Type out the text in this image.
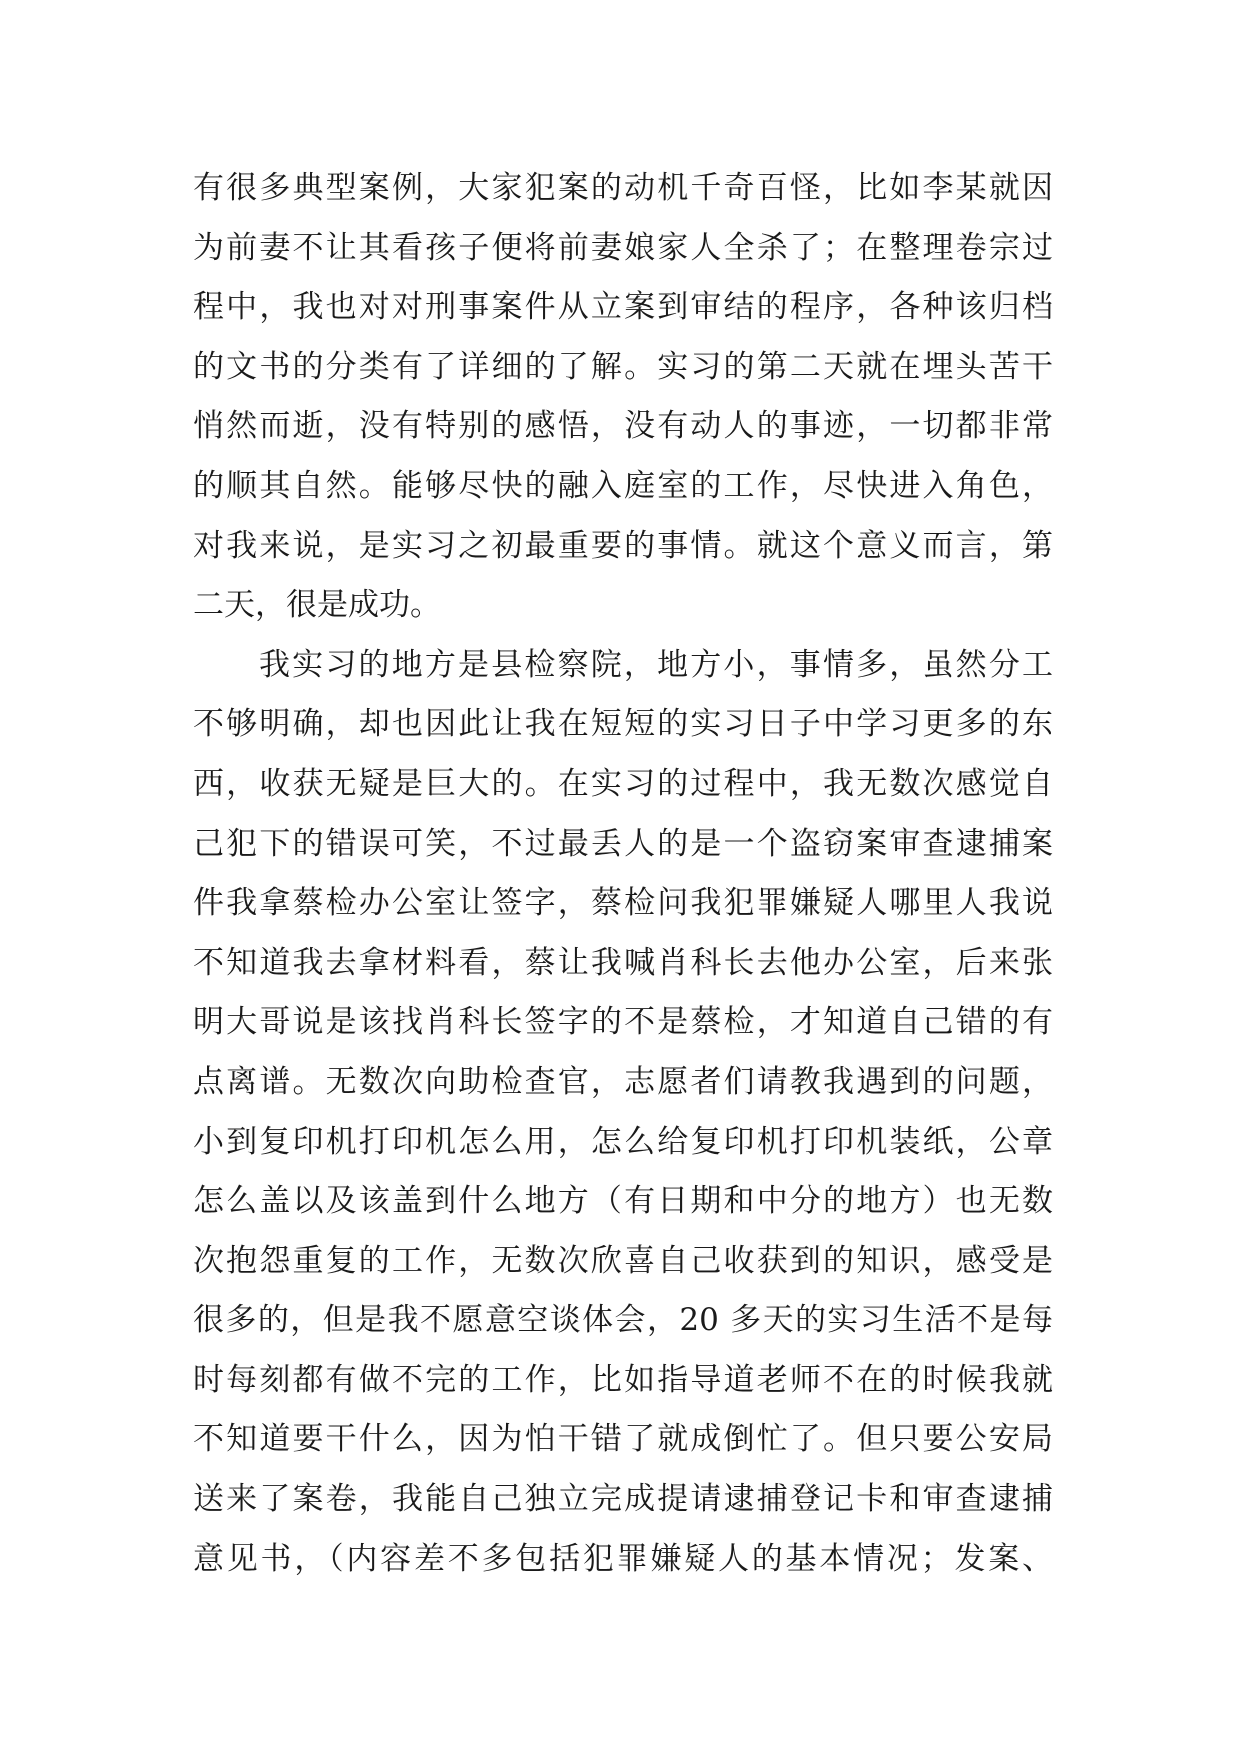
有很多典型案例，大家犯案的动机千奇百怪，比如李某就因
为前妻不让其看孩子便将前妻娘家人全杀了；在整理卷宗过
程中，我也对对刑事案件从立案到审结的程序，各种该归档
的文书的分类有了详细的了解。实习的第二天就在埋头苦干
悄然而逝，没有特别的感悟，没有动人的事迹，一切都非常
的顺其自然。能够尽快的融入庭室的工作，尽快进入角色，
对我来说，是实习之初最重要的事情。就这个意义而言，第
二天，很是成功。
我实习的地方是县检察院，地方小，事情多，虽然分工
不够明确，却也因此让我在短短的实习日子中学习更多的东
西，收获无疑是巨大的。在实习的过程中，我无数次感觉自
己犯下的错误可笑，不过最丢人的是一个盗窃案审查逮捕案
件我拿蔡检办公室让签字，蔡检问我犯罪嫌疑人哪里人我说
不知道我去拿材料看，蔡让我喊肖科长去他办公室，后来张
明大哥说是该找肖科长签字的不是蔡检，才知道自己错的有
点离谱。无数次向助检查官，志愿者们请教我遇到的问题，
小到复印机打印机怎么用，怎么给复印机打印机装纸，公章
怎么盖以及该盖到什么地方（有日期和中分的地方）也无数
次抱怨重复的工作，无数次欣喜自己收获到的知识，感受是
很多的，但是我不愿意空谈体会，20 多天的实习生活不是每
时每刻都有做不完的工作，比如指导道老师不在的时候我就
不知道要干什么，因为怕干错了就成倒忙了。但只要公安局
送来了案卷，我能自己独立完成提请逮捕登记卡和审查逮捕
意见书，（内容差不多包括犯罪嫌疑人的基本情况；发案、
